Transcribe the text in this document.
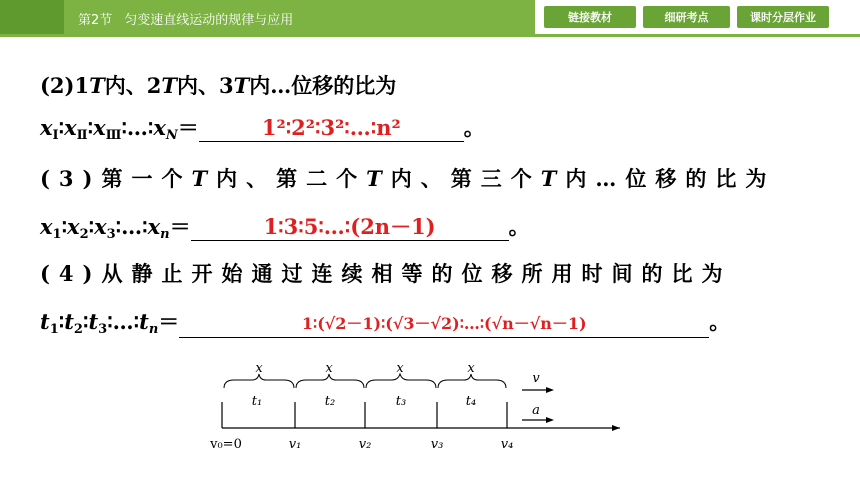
第2节 匀变速直线运动的规律与应用	链接教材	细研考点	课时分层作业
(2)1T内、2T内、3T内…位移的比为
$x_Ⅰ∶x_Ⅱ∶x_Ⅲ∶\dots∶x_N=$	1²∶2²∶3²∶…∶n²	。
(3)第一个T内、第二个T内、第三个T内…位移的比为
$x_1∶x_2∶x_3∶\dots∶x_n=$	1∶3∶5∶…∶(2n－1)	。
(4)从静止开始通过连续相等的位移所用时间的比为
$t_1∶t_2∶t_3∶\dots∶t_n=$	1∶(√2－1)∶(√3－√2)∶…∶(√n－√n－1)	。
x	x	x	x
t₁	t₂	t₃	t₄
v
a
v₀=0	v₁	v₂	v₃	v₄
